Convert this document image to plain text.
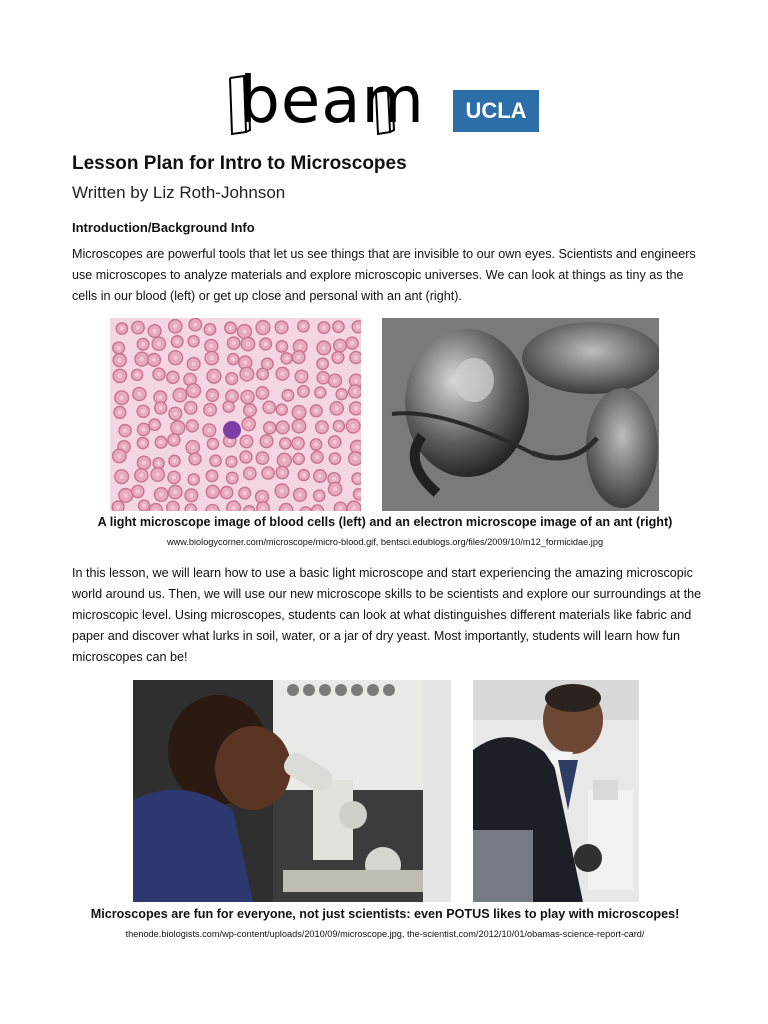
beam	UCLA
Lesson Plan for Intro to Microscopes
Written by Liz Roth-Johnson
Introduction/Background Info
Microscopes are powerful tools that let us see things that are invisible to our own eyes. Scientists and engineers use microscopes to analyze materials and explore microscopic universes. We can look at things as tiny as the cells in our blood (left) or get up close and personal with an ant (right).
A light microscope image of blood cells (left) and an electron microscope image of an ant (right)
www.biologycorner.com/microscope/micro-blood.gif, bentsci.edublogs.org/files/2009/10/m12_formicidae.jpg
In this lesson, we will learn how to use a basic light microscope and start experiencing the amazing microscopic world around us. Then, we will use our new microscope skills to be scientists and explore our surroundings at the microscopic level. Using microscopes, students can look at what distinguishes different materials like fabric and paper and discover what lurks in soil, water, or a jar of dry yeast. Most importantly, students will learn how fun microscopes can be!
Microscopes are fun for everyone, not just scientists: even POTUS likes to play with microscopes!
thenode.biologists.com/wp-content/uploads/2010/09/microscope.jpg, the-scientist.com/2012/10/01/obamas-science-report-card/
